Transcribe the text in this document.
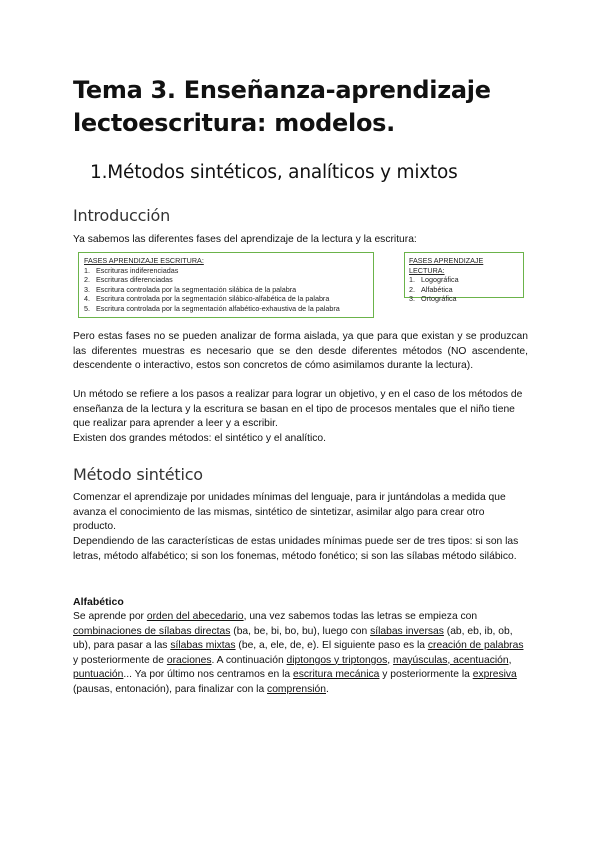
Tema 3. Enseñanza-aprendizaje lectoescritura: modelos.
1.Métodos sintéticos, analíticos y mixtos
Introducción

Ya sabemos las diferentes fases del aprendizaje de la lectura y la escritura:

FASES APRENDIZAJE ESCRITURA:
1. Escrituras indiferenciadas
2. Escrituras diferenciadas
3. Escritura controlada por la segmentación silábica de la palabra
4. Escritura controlada por la segmentación silábico-alfabética de la palabra
5. Escritura controlada por la segmentación alfabético-exhaustiva de la palabra
FASES APRENDIZAJE LECTURA:
1. Logográfica
2. Alfabética
3. Ortográfica

Pero estas fases no se pueden analizar de forma aislada, ya que para que existan y se produzcan las diferentes muestras es necesario que se den desde diferentes métodos (NO ascendente, descendente o interactivo, estos son concretos de cómo asimilamos durante la lectura).

Un método se refiere a los pasos a realizar para lograr un objetivo, y en el caso de los métodos de enseñanza de la lectura y la escritura se basan en el tipo de procesos mentales que el niño tiene que realizar para aprender a leer y a escribir.

Existen dos grandes métodos: el sintético y el analítico.

Método sintético

Comenzar el aprendizaje por unidades mínimas del lenguaje, para ir juntándolas a medida que avanza el conocimiento de las mismas, sintético de sintetizar, asimilar algo para crear otro producto.

Dependiendo de las características de estas unidades mínimas puede ser de tres tipos: si son las letras, método alfabético; si son los fonemas, método fonético; si son las sílabas método silábico.

Alfabético

Se aprende por orden del abecedario, una vez sabemos todas las letras se empieza con combinaciones de sílabas directas (ba, be, bi, bo, bu), luego con sílabas inversas (ab, eb, ib, ob, ub), para pasar a las sílabas mixtas (be, a, ele, de, e). El siguiente paso es la creación de palabras y posteriormente de oraciones. A continuación diptongos y triptongos, mayúsculas, acentuación, puntuación... Ya por último nos centramos en la escritura mecánica y posteriormente la expresiva (pausas, entonación), para finalizar con la comprensión.
